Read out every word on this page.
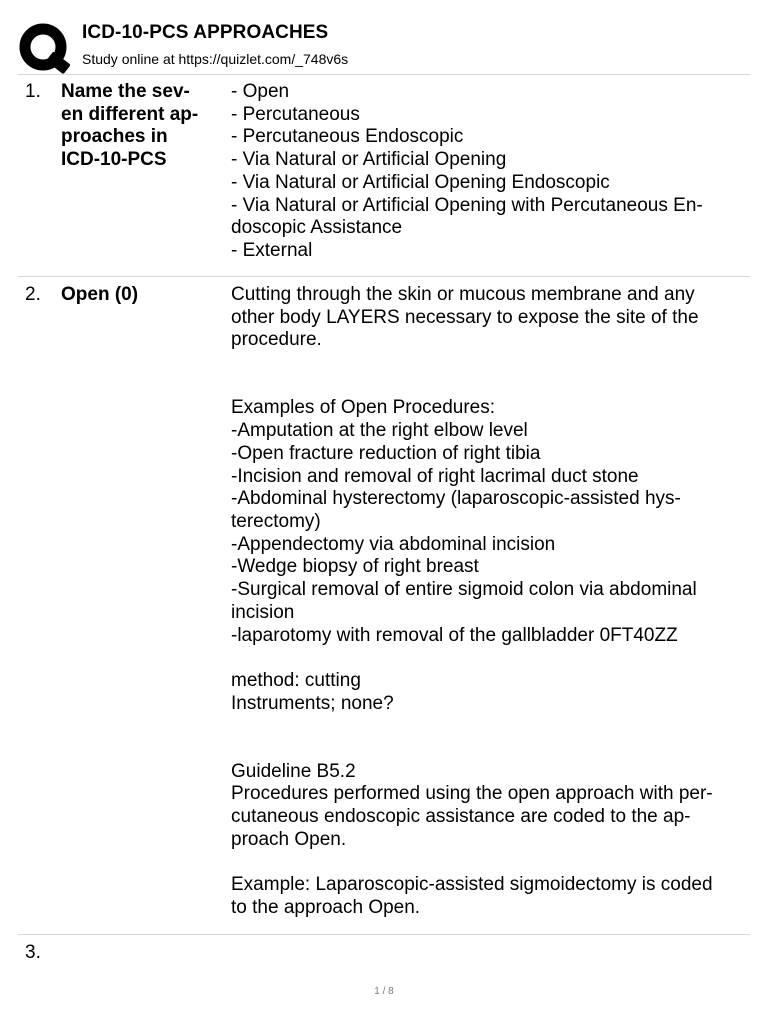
ICD-10-PCS APPROACHES
Study online at https://quizlet.com/_748v6s
1. Name the sev-
en different ap-
proaches in
ICD-10-PCS
- Open
- Percutaneous
- Percutaneous Endoscopic
- Via Natural or Artificial Opening
- Via Natural or Artificial Opening Endoscopic
- Via Natural or Artificial Opening with Percutaneous En-
doscopic Assistance
- External
2. Open (0)	Cutting through the skin or mucous membrane and any
other body LAYERS necessary to expose the site of the
procedure.
Examples of Open Procedures:
-Amputation at the right elbow level
-Open fracture reduction of right tibia
-Incision and removal of right lacrimal duct stone
-Abdominal hysterectomy (laparoscopic-assisted hys-
terectomy)
-Appendectomy via abdominal incision
-Wedge biopsy of right breast
-Surgical removal of entire sigmoid colon via abdominal
incision
-laparotomy with removal of the gallbladder 0FT40ZZ
method: cutting
Instruments; none?
Guideline B5.2
Procedures performed using the open approach with per-
cutaneous endoscopic assistance are coded to the ap-
proach Open.
Example: Laparoscopic-assisted sigmoidectomy is coded
to the approach Open.
3.
1 / 8
